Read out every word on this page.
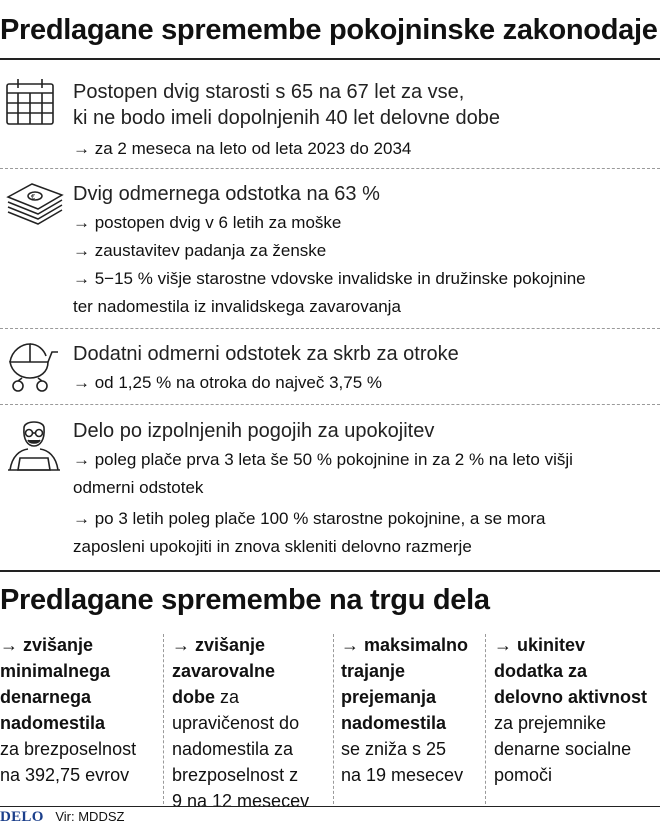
Predlagane spremembe pokojninske zakonodaje
Postopen dvig starosti s 65 na 67 let za vse,
ki ne bodo imeli dopolnjenih 40 let delovne dobe
→ za 2 meseca na leto od leta 2023 do 2034
€ Dvig odmernega odstotka na 63 %
→ postopen dvig v 6 letih za moške
→ zaustavitev padanja za ženske
→ 5−15 % višje starostne vdovske invalidske in družinske pokojnine
ter nadomestila iz invalidskega zavarovanja
Dodatni odmerni odstotek za skrb za otroke
→ od 1,25 % na otroka do največ 3,75 %
Delo po izpolnjenih pogojih za upokojitev
→ poleg plače prva 3 leta še 50 % pokojnine in za 2 % na leto višji
odmerni odstotek
→ po 3 letih poleg plače 100 % starostne pokojnine, a se mora
zaposleni upokojiti in znova skleniti delovno razmerje
Predlagane spremembe na trgu dela
→ zvišanje
minimalnega
denarnega
nadomestila
za brezposelnost
na 392,75 evrov
→ zvišanje
zavarovalne
dobe za
upravičenost do
nadomestila za
brezposelnost z
9 na 12 mesecev
→ maksimalno
trajanje
prejemanja
nadomestila
se zniža s 25
na 19 mesecev
→ ukinitev
dodatka za
delovno aktivnost
za prejemnike
denarne socialne
pomoči
DELO Vir: MDDSZ
